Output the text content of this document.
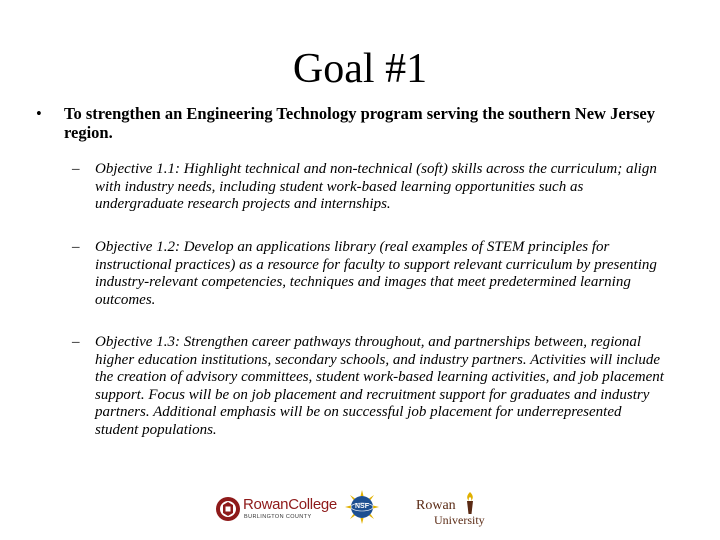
Goal #1
• To strengthen an Engineering Technology program serving the southern New Jersey region.
– Objective 1.1: Highlight technical and non-technical (soft) skills across the curriculum; align with industry needs, including student work-based learning opportunities such as undergraduate research projects and internships.
– Objective 1.2: Develop an applications library (real examples of STEM principles for instructional practices) as a resource for faculty to support relevant curriculum by presenting industry-relevant competencies, techniques and images that meet predetermined learning outcomes.
– Objective 1.3: Strengthen career pathways throughout, and partnerships between, regional higher education institutions, secondary schools, and industry partners. Activities will include the creation of advisory committees, student work-based learning activities, and job placement support. Focus will be on job placement and recruitment support for graduates and industry partners. Additional emphasis will be on successful job placement for underrepresented student populations.
RowanCollege
BURLINGTON COUNTY
NSF	Rowan
University
